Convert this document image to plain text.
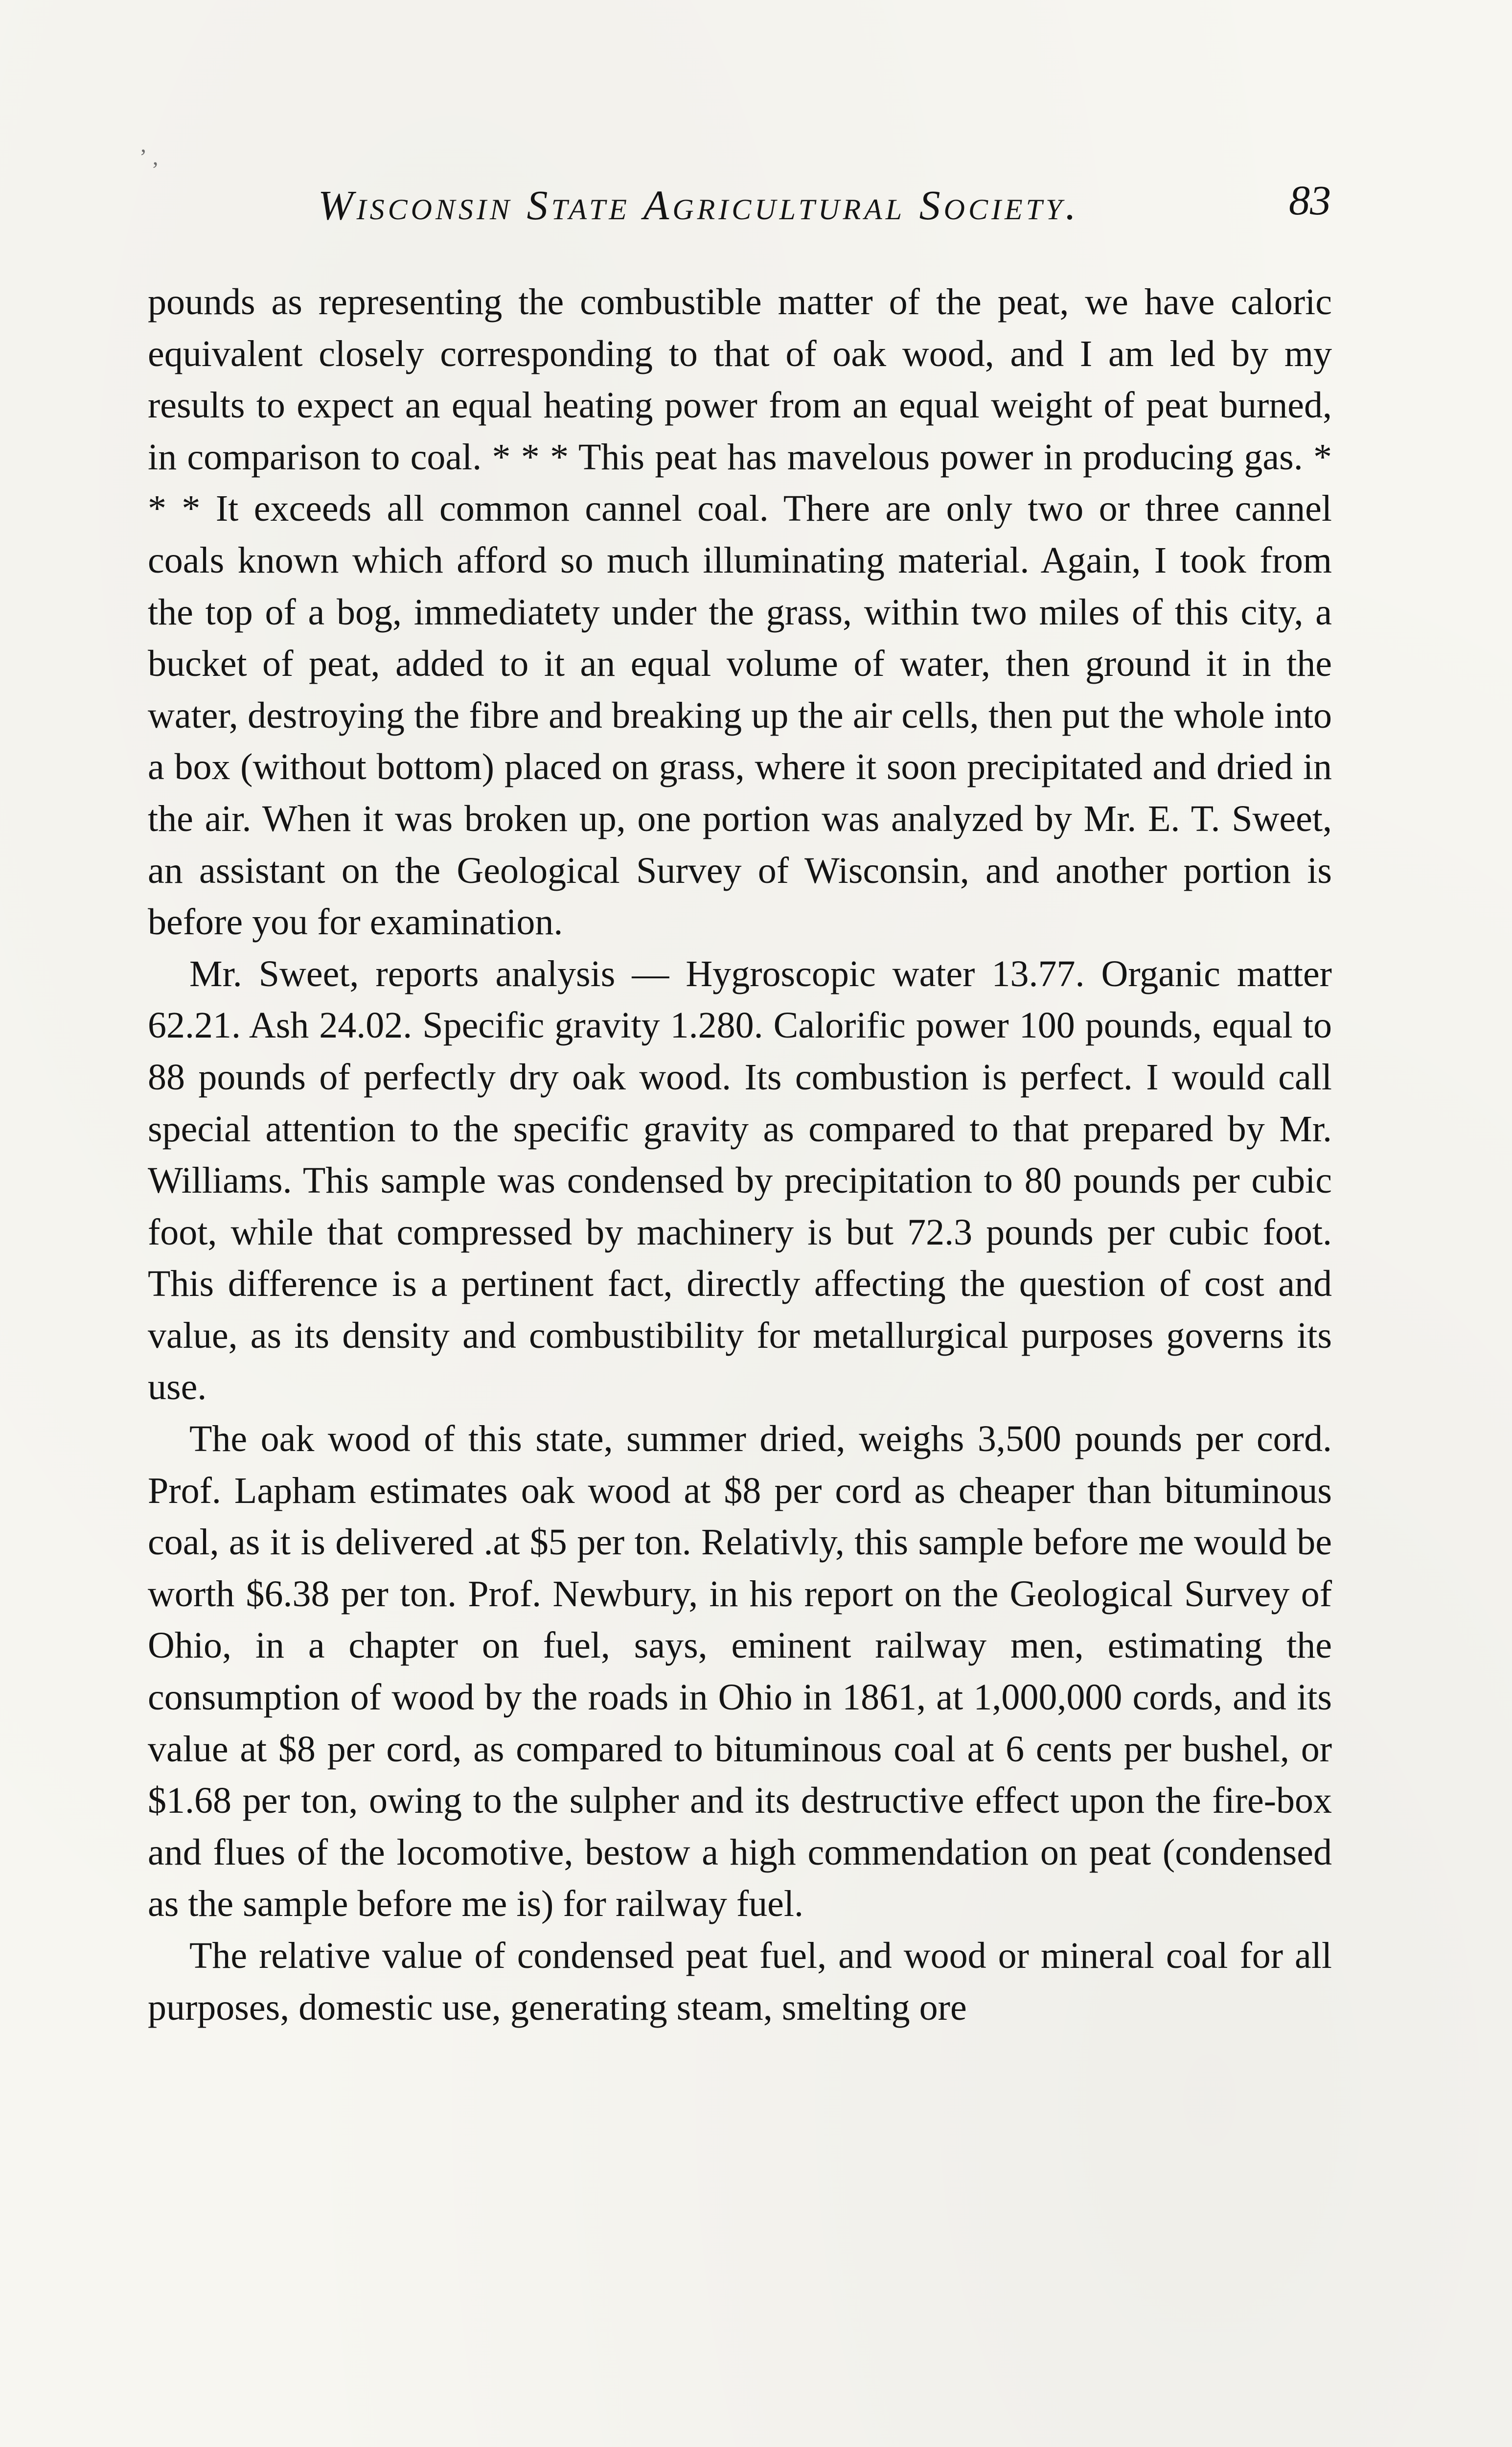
ʼ ,
Wisconsin State Agricultural Society.	83

pounds as representing the combustible matter of the peat, we have caloric equivalent closely corresponding to that of oak wood, and I am led by my results to expect an equal heating power from an equal weight of peat burned, in comparison to coal. * * * This peat has mavelous power in producing gas. * * * It exceeds all common cannel coal. There are only two or three cannel coals known which afford so much illuminating material. Again, I took from the top of a bog, immediatety under the grass, within two miles of this city, a bucket of peat, added to it an equal volume of water, then ground it in the water, destroying the fibre and breaking up the air cells, then put the whole into a box (without bottom) placed on grass, where it soon precipitated and dried in the air. When it was broken up, one portion was analyzed by Mr. E. T. Sweet, an assistant on the Geological Survey of Wisconsin, and another portion is before you for examination.

Mr. Sweet, reports analysis — Hygroscopic water 13.77. Organic matter 62.21. Ash 24.02. Specific gravity 1.280. Calorific power 100 pounds, equal to 88 pounds of perfectly dry oak wood. Its combustion is perfect. I would call special attention to the specific gravity as compared to that prepared by Mr. Williams. This sample was condensed by precipitation to 80 pounds per cubic foot, while that compressed by machinery is but 72.3 pounds per cubic foot. This difference is a pertinent fact, directly affecting the question of cost and value, as its density and combustibility for metallurgical purposes governs its use.

The oak wood of this state, summer dried, weighs 3,500 pounds per cord. Prof. Lapham estimates oak wood at $8 per cord as cheaper than bituminous coal, as it is delivered .at $5 per ton. Relativly, this sample before me would be worth $6.38 per ton. Prof. Newbury, in his report on the Geological Survey of Ohio, in a chapter on fuel, says, eminent railway men, estimating the consumption of wood by the roads in Ohio in 1861, at 1,000,000 cords, and its value at $8 per cord, as compared to bituminous coal at 6 cents per bushel, or $1.68 per ton, owing to the sulpher and its destructive effect upon the fire-box and flues of the locomotive, bestow a high commendation on peat (condensed as the sample before me is) for railway fuel.

The relative value of condensed peat fuel, and wood or mineral coal for all purposes, domestic use, generating steam, smelting ore
